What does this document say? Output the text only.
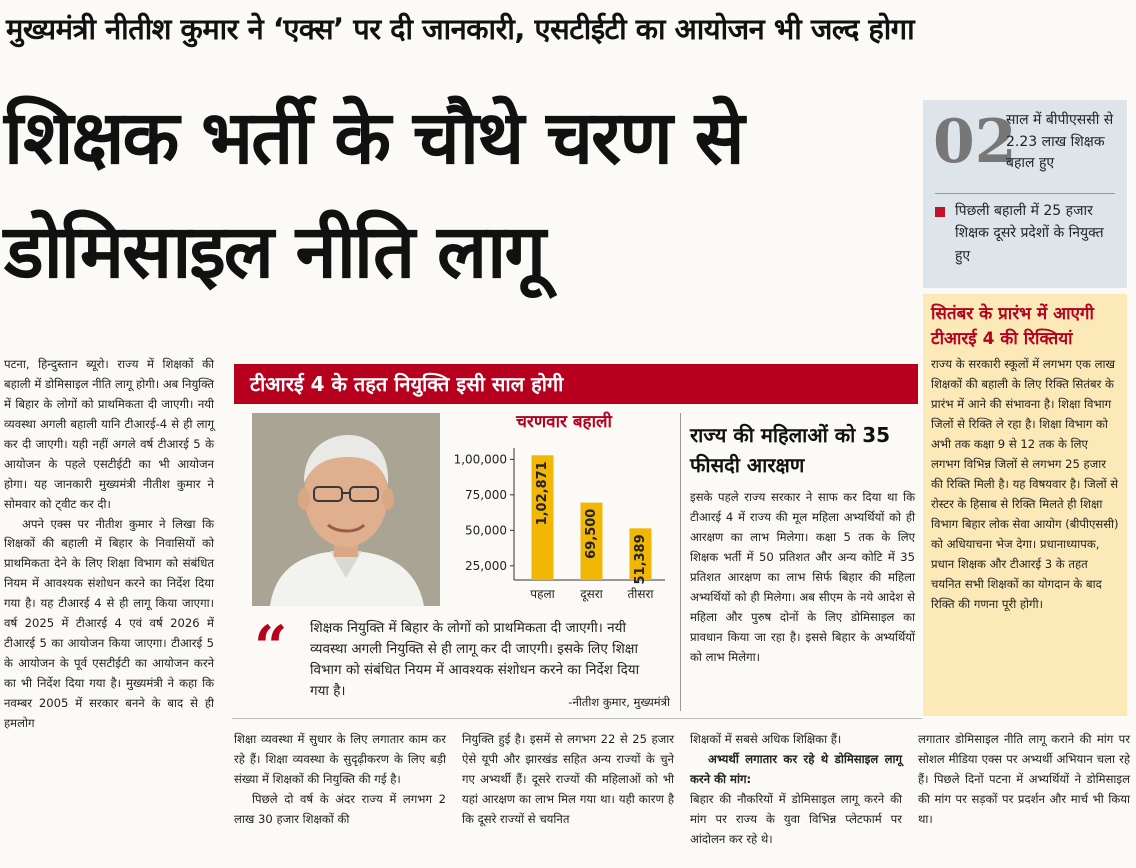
मुख्यमंत्री नीतीश कुमार ने ‘एक्स’ पर दी जानकारी, एसटीईटी का आयोजन भी जल्द होगा
शिक्षक भर्ती के चौथे चरण से डोमिसाइल नीति लागू
02
साल में बीपीएससी से 2.23 लाख शिक्षक बहाल हुए
पिछली बहाली में 25 हजार शिक्षक दूसरे प्रदेशों के नियुक्त हुए
सितंबर के प्रारंभ में आएगी टीआरई 4 की रिक्तियां
राज्य के सरकारी स्कूलों में लगभग एक लाख शिक्षकों की बहाली के लिए रिक्ति सितंबर के प्रारंभ में आने की संभावना है। शिक्षा विभाग जिलों से रिक्ति ले रहा है। शिक्षा विभाग को अभी तक कक्षा 9 से 12 तक के लिए लगभग विभिन्न जिलों से लगभग 25 हजार की रिक्ति मिली है। यह विषयवार है। जिलों से रोस्टर के हिसाब से रिक्ति मिलते ही शिक्षा विभाग बिहार लोक सेवा आयोग (बीपीएससी) को अधियाचना भेज देगा। प्रधानाध्यापक, प्रधान शिक्षक और टीआरई 3 के तहत चयनित सभी शिक्षकों का योगदान के बाद रिक्ति की गणना पूरी होगी।

पटना, हिन्दुस्तान ब्यूरो। राज्य में शिक्षकों की बहाली में डोमिसाइल नीति लागू होगी। अब नियुक्ति में बिहार के लोगों को प्राथमिकता दी जाएगी। नयी व्यवस्था अगली बहाली यानि टीआरई-4 से ही लागू कर दी जाएगी। यही नहीं अगले वर्ष टीआरई 5 के आयोजन के पहले एसटीईटी का भी आयोजन होगा। यह जानकारी मुख्यमंत्री नीतीश कुमार ने सोमवार को ट्वीट कर दी।

अपने एक्स पर नीतीश कुमार ने लिखा कि शिक्षकों की बहाली में बिहार के निवासियों को प्राथमिकता देने के लिए शिक्षा विभाग को संबंधित नियम में आवश्यक संशोधन करने का निर्देश दिया गया है। यह टीआरई 4 से ही लागू किया जाएगा। वर्ष 2025 में टीआरई 4 एवं वर्ष 2026 में टीआरई 5 का आयोजन किया जाएगा। टीआरई 5 के आयोजन के पूर्व एसटीईटी का आयोजन करने का भी निर्देश दिया गया है। मुख्यमंत्री ने कहा कि नवम्बर 2005 में सरकार बनने के बाद से ही हमलोग

टीआरई 4 के तहत नियुक्ति इसी साल होगी
चरणवार बहाली
1,00,000
75,000
50,000
25,000
1,02,871
पहला
69,500
दूसरा
51,389
तीसरा
“ शिक्षक नियुक्ति में बिहार के लोगों को प्राथमिकता दी जाएगी। नयी व्यवस्था अगली नियुक्ति से ही लागू कर दी जाएगी। इसके लिए शिक्षा विभाग को संबंधित नियम में आवश्यक संशोधन करने का निर्देश दिया गया है।
-नीतीश कुमार, मुख्यमंत्री
राज्य की महिलाओं को 35 फीसदी आरक्षण
इसके पहले राज्य सरकार ने साफ कर दिया था कि टीआरई 4 में राज्य की मूल महिला अभ्यर्थियों को ही आरक्षण का लाभ मिलेगा। कक्षा 5 तक के लिए शिक्षक भर्ती में 50 प्रतिशत और अन्य कोटि में 35 प्रतिशत आरक्षण का लाभ सिर्फ बिहार की महिला अभ्यर्थियों को ही मिलेगा। अब सीएम के नये आदेश से महिला और पुरुष दोनों के लिए डोमिसाइल का प्रावधान किया जा रहा है। इससे बिहार के अभ्यर्थियों को लाभ मिलेगा।

शिक्षा व्यवस्था में सुधार के लिए लगातार काम कर रहे हैं। शिक्षा व्यवस्था के सुदृढ़ीकरण के लिए बड़ी संख्या में शिक्षकों की नियुक्ति की गई है।

पिछले दो वर्ष के अंदर राज्य में लगभग 2 लाख 30 हजार शिक्षकों की

नियुक्ति हुई है। इसमें से लगभग 22 से 25 हजार ऐसे यूपी और झारखंड सहित अन्य राज्यों के चुने गए अभ्यर्थी हैं। दूसरे राज्यों की महिलाओं को भी यहां आरक्षण का लाभ मिल गया था। यही कारण है कि दूसरे राज्यों से चयनित

शिक्षकों में सबसे अधिक शिक्षिका हैं।

अभ्यर्थी लगातार कर रहे थे डोमिसाइल लागू करने की मांग:

बिहार की नौकरियों में डोमिसाइल लागू करने की मांग पर राज्य के युवा विभिन्न प्लेटफार्म पर आंदोलन कर रहे थे।

लगातार डोमिसाइल नीति लागू कराने की मांग पर सोशल मीडिया एक्स पर अभ्यर्थी अभियान चला रहे हैं। पिछले दिनों पटना में अभ्यर्थियों ने डोमिसाइल की मांग पर सड़कों पर प्रदर्शन और मार्च भी किया था।
